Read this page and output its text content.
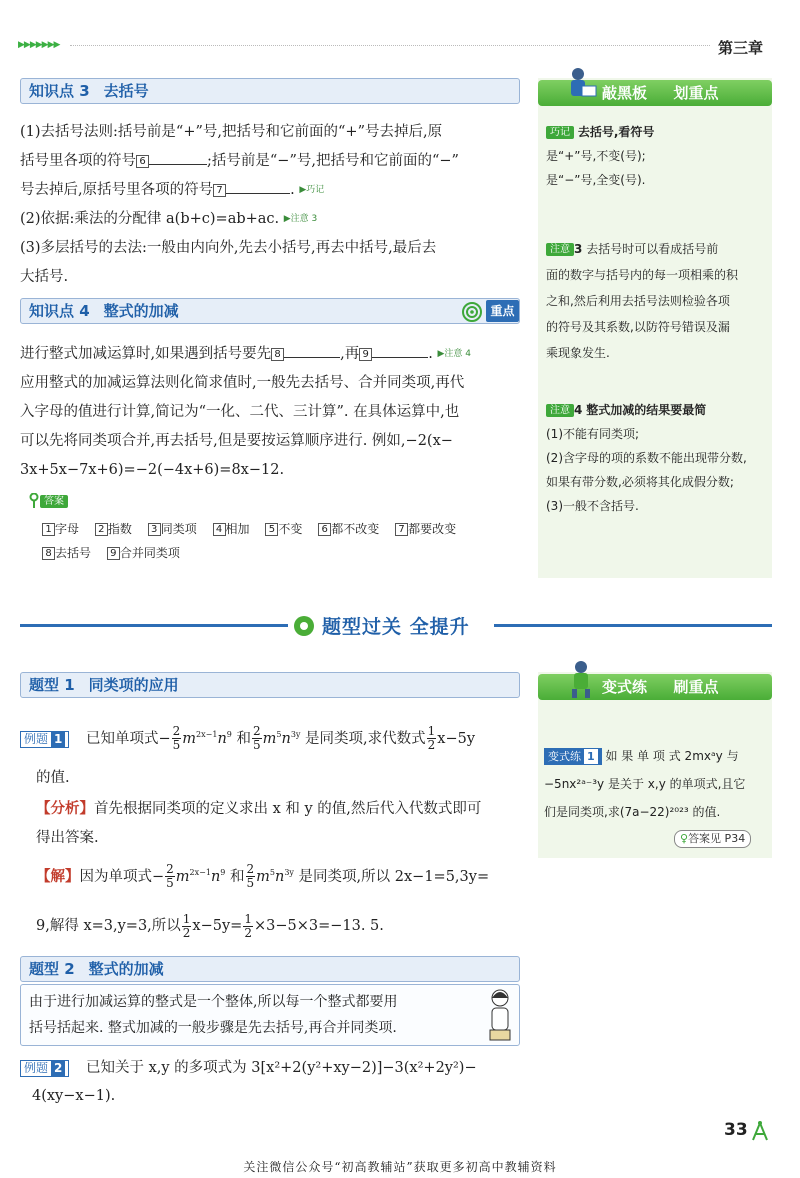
▶▶▶▶▶▶▶	第三章
敲黑板 划重点
知识点 3 去括号
(1)去括号法则:括号前是“+”号,把括号和它前面的“+”号去掉后,原
括号里各项的符号 6	;括号前是“−”号,把括号和它前面的“−”
号去掉后,原括号里各项的符号 7	. ▶巧记
(2)依据:乘法的分配律 a(b+c)=ab+ac. ▶注意 3
(3)多层括号的去法:一般由内向外,先去小括号,再去中括号,最后去
大括号.
知识点 4 整式的加减	重点
进行整式加减运算时,如果遇到括号要先 8	,再 9	. ▶注意 4
应用整式的加减运算法则化简求值时,一般先去括号、合并同类项,再代
入字母的值进行计算,简记为“一化、二代、三计算”. 在具体运算中,也
可以先将同类项合并,再去括号,但是要按运算顺序进行. 例如,−2(x−
3x+5x−7x+6)=−2(−4x+6)=8x−12.
答案
1 字母 2 指数 3 同类项 4 相加 5 不变 6 都不改变 7 都要改变
8 去括号 9 合并同类项
巧记 去括号,看符号
是“+”号,不变(号);
是“−”号,全变(号).
注意 3 去括号时可以看成括号前
面的数字与括号内的每一项相乘的积
之和,然后利用去括号法则检验各项
的符号及其系数,以防符号错误及漏
乘现象发生.
注意 4 整式加减的结果要最简
(1)不能有同类项;
(2)含字母的项的系数不能出现带分数,
如果有带分数,必须将其化成假分数;
(3)一般不含括号.
题型过关 全提升
题型 1 同类项的应用
例题 1 已知单项式− $\frac{2}{5} m^{2x-1}n^9$ 和 $\frac{2}{5} m^5n^{3y}$ 是同类项,求代数式 $\frac{1}{2} x-5y$
的值.
【分析】首先根据同类项的定义求出 x 和 y 的值,然后代入代数式即可
得出答案.
【解】因为单项式− $\frac{2}{5} m^{2x-1}n^9$ 和 $\frac{2}{5} m^5n^{3y}$ 是同类项,所以 2x−1=5,3y=
9,解得 x=3,y=3,所以 $\frac{1}{2} x-5y= \frac{1}{2} \times 3-5\times 3=-13$. 5.
题型 2 整式的加减
由于进行加减运算的整式是一个整体,所以每一个整式都要用
括号括起来. 整式加减的一般步骤是先去括号,再合并同类项.
例题 2 已知关于 x,y 的多项式为 3[x²+2(y²+xy−2)]−3(x²+2y²)−
4(xy−x−1).
变式练 刷重点
变式练 1 如 果 单 项 式 2mxᵃy 与
−5nx²ᵃ⁻³y 是关于 x,y 的单项式,且它
们是同类项,求(7a−22)²⁰²³ 的值.
♀答案见 P34
33
关注微信公众号“初高教辅站”获取更多初高中教辅资料
